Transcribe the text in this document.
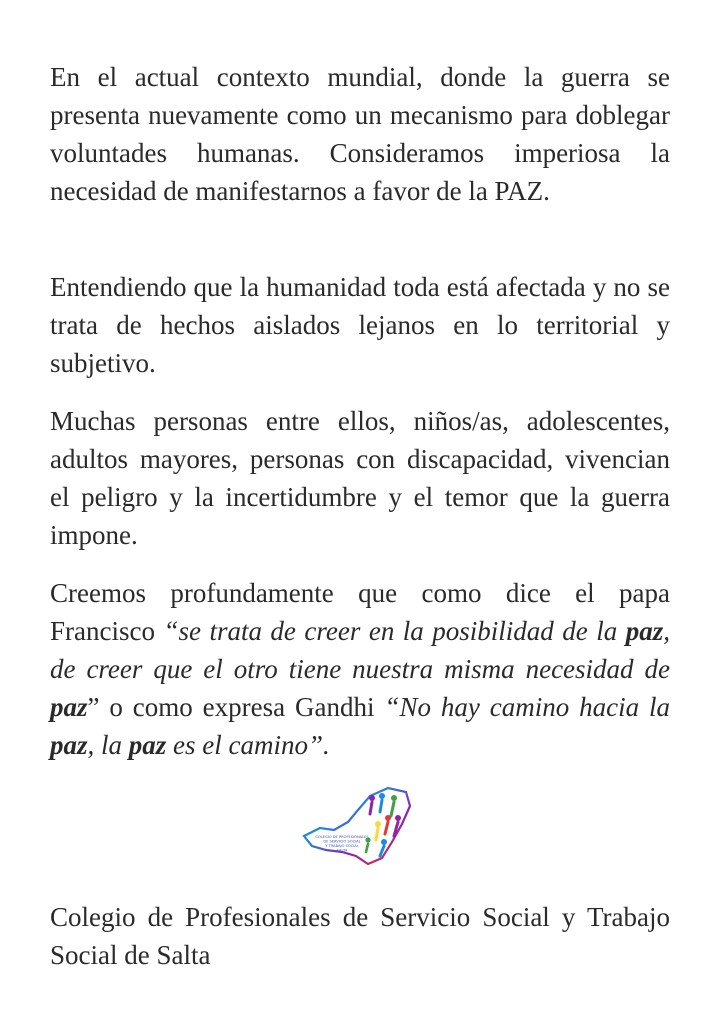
En el actual contexto mundial, donde la guerra se presenta nuevamente como un mecanismo para doblegar voluntades humanas. Consideramos imperiosa la necesidad de manifestarnos a favor de la PAZ.

Entendiendo que la humanidad toda está afectada y no se trata de hechos aislados lejanos en lo territorial y subjetivo.

Muchas personas entre ellos, niños/as, adolescentes, adultos mayores, personas con discapacidad, vivencian el peligro y la incertidumbre y el temor que la guerra impone.

Creemos profundamente que como dice el papa Francisco “se trata de creer en la posibilidad de la paz, de creer que el otro tiene nuestra misma necesidad de paz” o como expresa Gandhi “No hay camino hacia la paz, la paz es el camino”.

COLEGIO DE PROFESIONALES
DE SERVICIO SOCIAL
Y TRABAJO SOCIAL
SALTA

Colegio de Profesionales de Servicio Social y Trabajo Social de Salta
